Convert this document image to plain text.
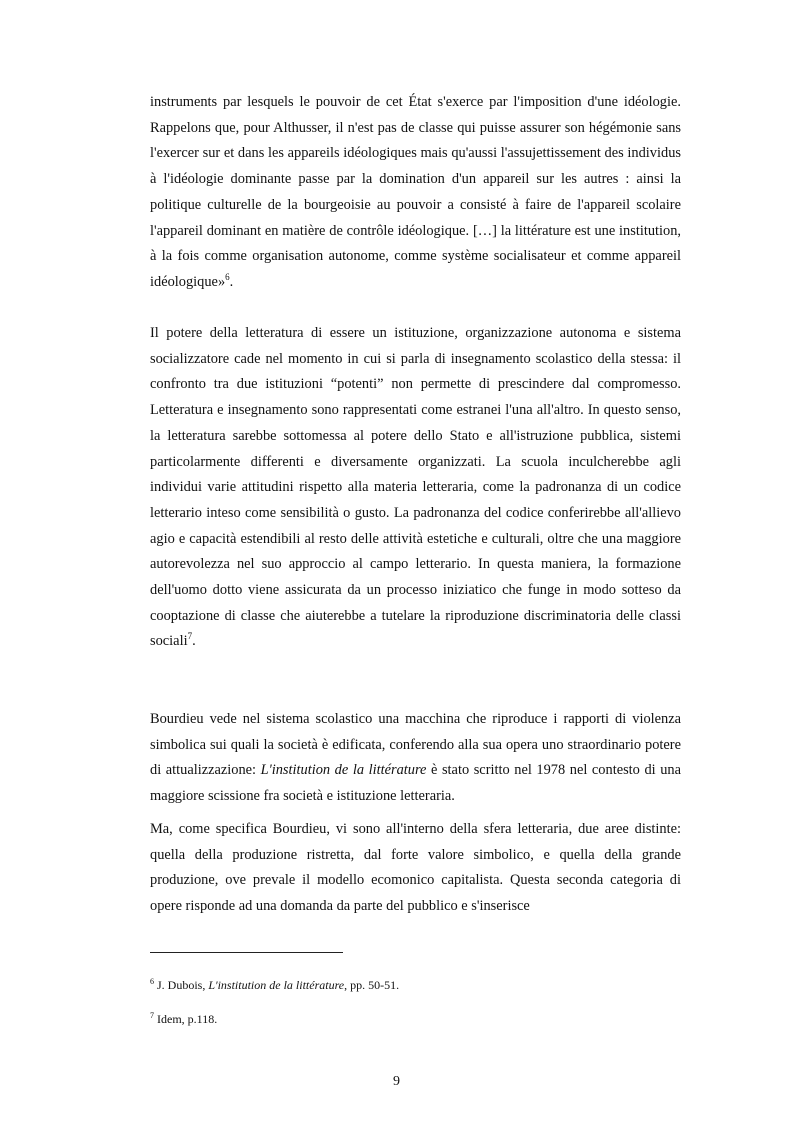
instruments par lesquels le pouvoir de cet État s'exerce par l'imposition d'une idéologie. Rappelons que, pour Althusser, il n'est pas de classe qui puisse assurer son hégémonie sans l'exercer sur et dans les appareils idéologiques mais qu'aussi l'assujettissement des individus à l'idéologie dominante passe par la domination d'un appareil sur les autres : ainsi la politique culturelle de la bourgeoisie au pouvoir a consisté à faire de l'appareil scolaire l'appareil dominant en matière de contrôle idéologique. […] la littérature est une institution, à la fois comme organisation autonome, comme système socialisateur et comme appareil idéologique»$^6$.

Il potere della letteratura di essere un istituzione, organizzazione autonoma e sistema socializzatore cade nel momento in cui si parla di insegnamento scolastico della stessa: il confronto tra due istituzioni “potenti” non permette di prescindere dal compromesso. Letteratura e insegnamento sono rappresentati come estranei l'una all'altro. In questo senso, la letteratura sarebbe sottomessa al potere dello Stato e all'istruzione pubblica, sistemi particolarmente differenti e diversamente organizzati. La scuola inculcherebbe agli individui varie attitudini rispetto alla materia letteraria, come la padronanza di un codice letterario inteso come sensibilità o gusto. La padronanza del codice conferirebbe all'allievo agio e capacità estendibili al resto delle attività estetiche e culturali, oltre che una maggiore autorevolezza nel suo approccio al campo letterario. In questa maniera, la formazione dell'uomo dotto viene assicurata da un processo iniziatico che funge in modo sotteso da cooptazione di classe che aiuterebbe a tutelare la riproduzione discriminatoria delle classi sociali$^7$.

Bourdieu vede nel sistema scolastico una macchina che riproduce i rapporti di violenza simbolica sui quali la società è edificata, conferendo alla sua opera uno straordinario potere di attualizzazione: L'institution de la littérature è stato scritto nel 1978 nel contesto di una maggiore scissione fra società e istituzione letteraria.

Ma, come specifica Bourdieu, vi sono all'interno della sfera letteraria, due aree distinte: quella della produzione ristretta, dal forte valore simbolico, e quella della grande produzione, ove prevale il modello ecomonico capitalista. Questa seconda categoria di opere risponde ad una domanda da parte del pubblico e s'inserisce

$^6$ J. Dubois, L'institution de la littérature, pp. 50-51.

$^7$ Idem, p.118.

9
